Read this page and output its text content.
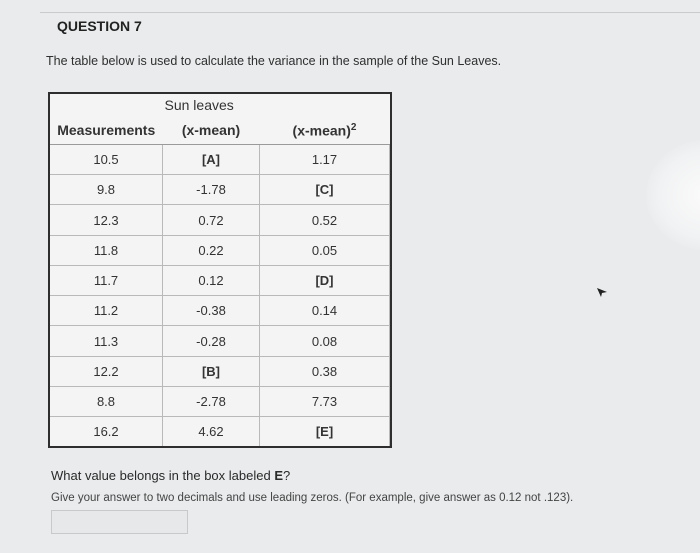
QUESTION 7
The table below is used to calculate the variance in the sample of the Sun Leaves.
	Sun leaves	
Measurements	(x-mean)	(x-mean)$^2$
10.5	[A]	1.17
9.8	-1.78	[C]
12.3	0.72	0.52
11.8	0.22	0.05
11.7	0.12	[D]
11.2	-0.38	0.14
11.3	-0.28	0.08
12.2	[B]	0.38
8.8	-2.78	7.73
16.2	4.62	[E]
What value belongs in the box labeled E?
Give your answer to two decimals and use leading zeros. (For example, give answer as 0.12 not .123).
